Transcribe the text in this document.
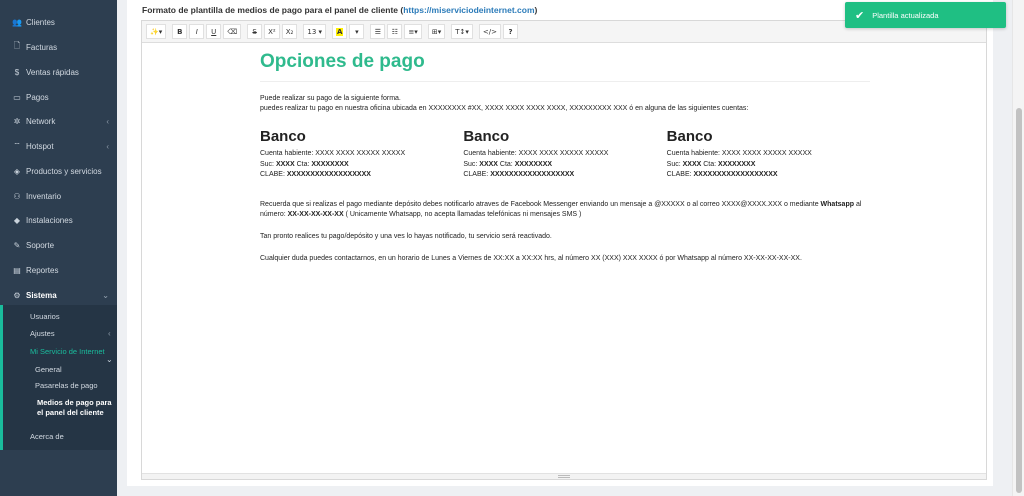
👥 Clientes
🗋 Facturas
$ Ventas rápidas
▭ Pagos
✲ Network	‹
⌔ Hotspot	‹
◈ Productos y servicios
⚇ Inventario
◆ Instalaciones
✎ Soporte
▤ Reportes
⚙ Sistema	⌄
Usuarios
Ajustes	‹
Mi Servicio de Internet
⌄
General
Pasarelas de pago
Medios de pago para el panel del cliente
Acerca de
Formato de plantilla de medios de pago para el panel de cliente (https://miserviciodeinternet.com)
✨▾	B	I	U	⌫	S	X²	X₂	13 ▾	A	▾	☰	☷	≡▾	⊞▾	T↕▾	</>	?
Opciones de pago
Puede realizar su pago de la siguiente forma.
puedes realizar tu pago en nuestra oficina ubicada en XXXXXXXX #XX, XXXX XXXX XXXX XXXX, XXXXXXXXX XXX ó en alguna de las siguientes cuentas:
Banco
Cuenta habiente: XXXX XXXX XXXXX XXXXX
Suc: XXXX Cta: XXXXXXXX
CLABE: XXXXXXXXXXXXXXXXXX
Banco
Cuenta habiente: XXXX XXXX XXXXX XXXXX
Suc: XXXX Cta: XXXXXXXX
CLABE: XXXXXXXXXXXXXXXXXX
Banco
Cuenta habiente: XXXX XXXX XXXXX XXXXX
Suc: XXXX Cta: XXXXXXXX
CLABE: XXXXXXXXXXXXXXXXXX
Recuerda que si realizas el pago mediante depósito debes notificarlo atraves de Facebook Messenger enviando un mensaje a @XXXXX o al correo XXXX@XXXX.XXX o mediante Whatsapp al número: XX-XX-XX-XX-XX ( Unicamente Whatsapp, no acepta llamadas telefónicas ni mensajes SMS )
Tan pronto realices tu pago/depósito y una ves lo hayas notificado, tu servicio será reactivado.
Cualquier duda puedes contactarnos, en un horario de Lunes a Viernes de XX:XX a XX:XX hrs, al número XX (XXX) XXX XXXX ó por Whatsapp al número XX-XX-XX-XX-XX.
✔ Plantilla actualizada
